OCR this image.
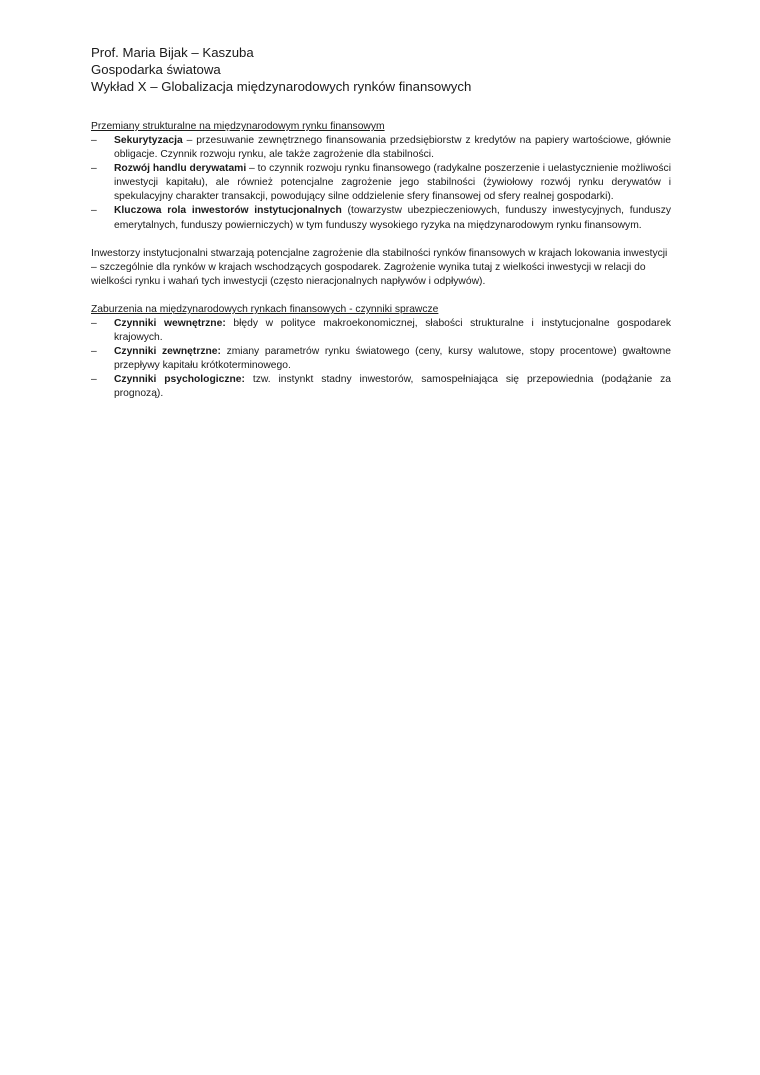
Prof. Maria Bijak – Kaszuba

Gospodarka światowa

Wykład X – Globalizacja międzynarodowych rynków finansowych

Przemiany strukturalne na międzynarodowym rynku finansowym

– Sekurytyzacja – przesuwanie zewnętrznego finansowania przedsiębiorstw z kredytów na papiery wartościowe, głównie obligacje. Czynnik rozwoju rynku, ale także zagrożenie dla stabilności.
– Rozwój handlu derywatami – to czynnik rozwoju rynku finansowego (radykalne poszerzenie i uelastycznienie możliwości inwestycji kapitału), ale również potencjalne zagrożenie jego stabilności (żywiołowy rozwój rynku derywatów i spekulacyjny charakter transakcji, powodujący silne oddzielenie sfery finansowej od sfery realnej gospodarki).
– Kluczowa rola inwestorów instytucjonalnych (towarzystw ubezpieczeniowych, funduszy inwestycyjnych, funduszy emerytalnych, funduszy powierniczych) w tym funduszy wysokiego ryzyka na międzynarodowym rynku finansowym.

Inwestorzy instytucjonalni stwarzają potencjalne zagrożenie dla stabilności rynków finansowych w krajach lokowania inwestycji – szczególnie dla rynków w krajach wschodzących gospodarek. Zagrożenie wynika tutaj z wielkości inwestycji w relacji do wielkości rynku i wahań tych inwestycji (często nieracjonalnych napływów i odpływów).

Zaburzenia na międzynarodowych rynkach finansowych - czynniki sprawcze

– Czynniki wewnętrzne: błędy w polityce makroekonomicznej, słabości strukturalne i instytucjonalne gospodarek krajowych.
– Czynniki zewnętrzne: zmiany parametrów rynku światowego (ceny, kursy walutowe, stopy procentowe) gwałtowne przepływy kapitału krótkoterminowego.
– Czynniki psychologiczne: tzw. instynkt stadny inwestorów, samospełniająca się przepowiednia (podążanie za prognozą).
